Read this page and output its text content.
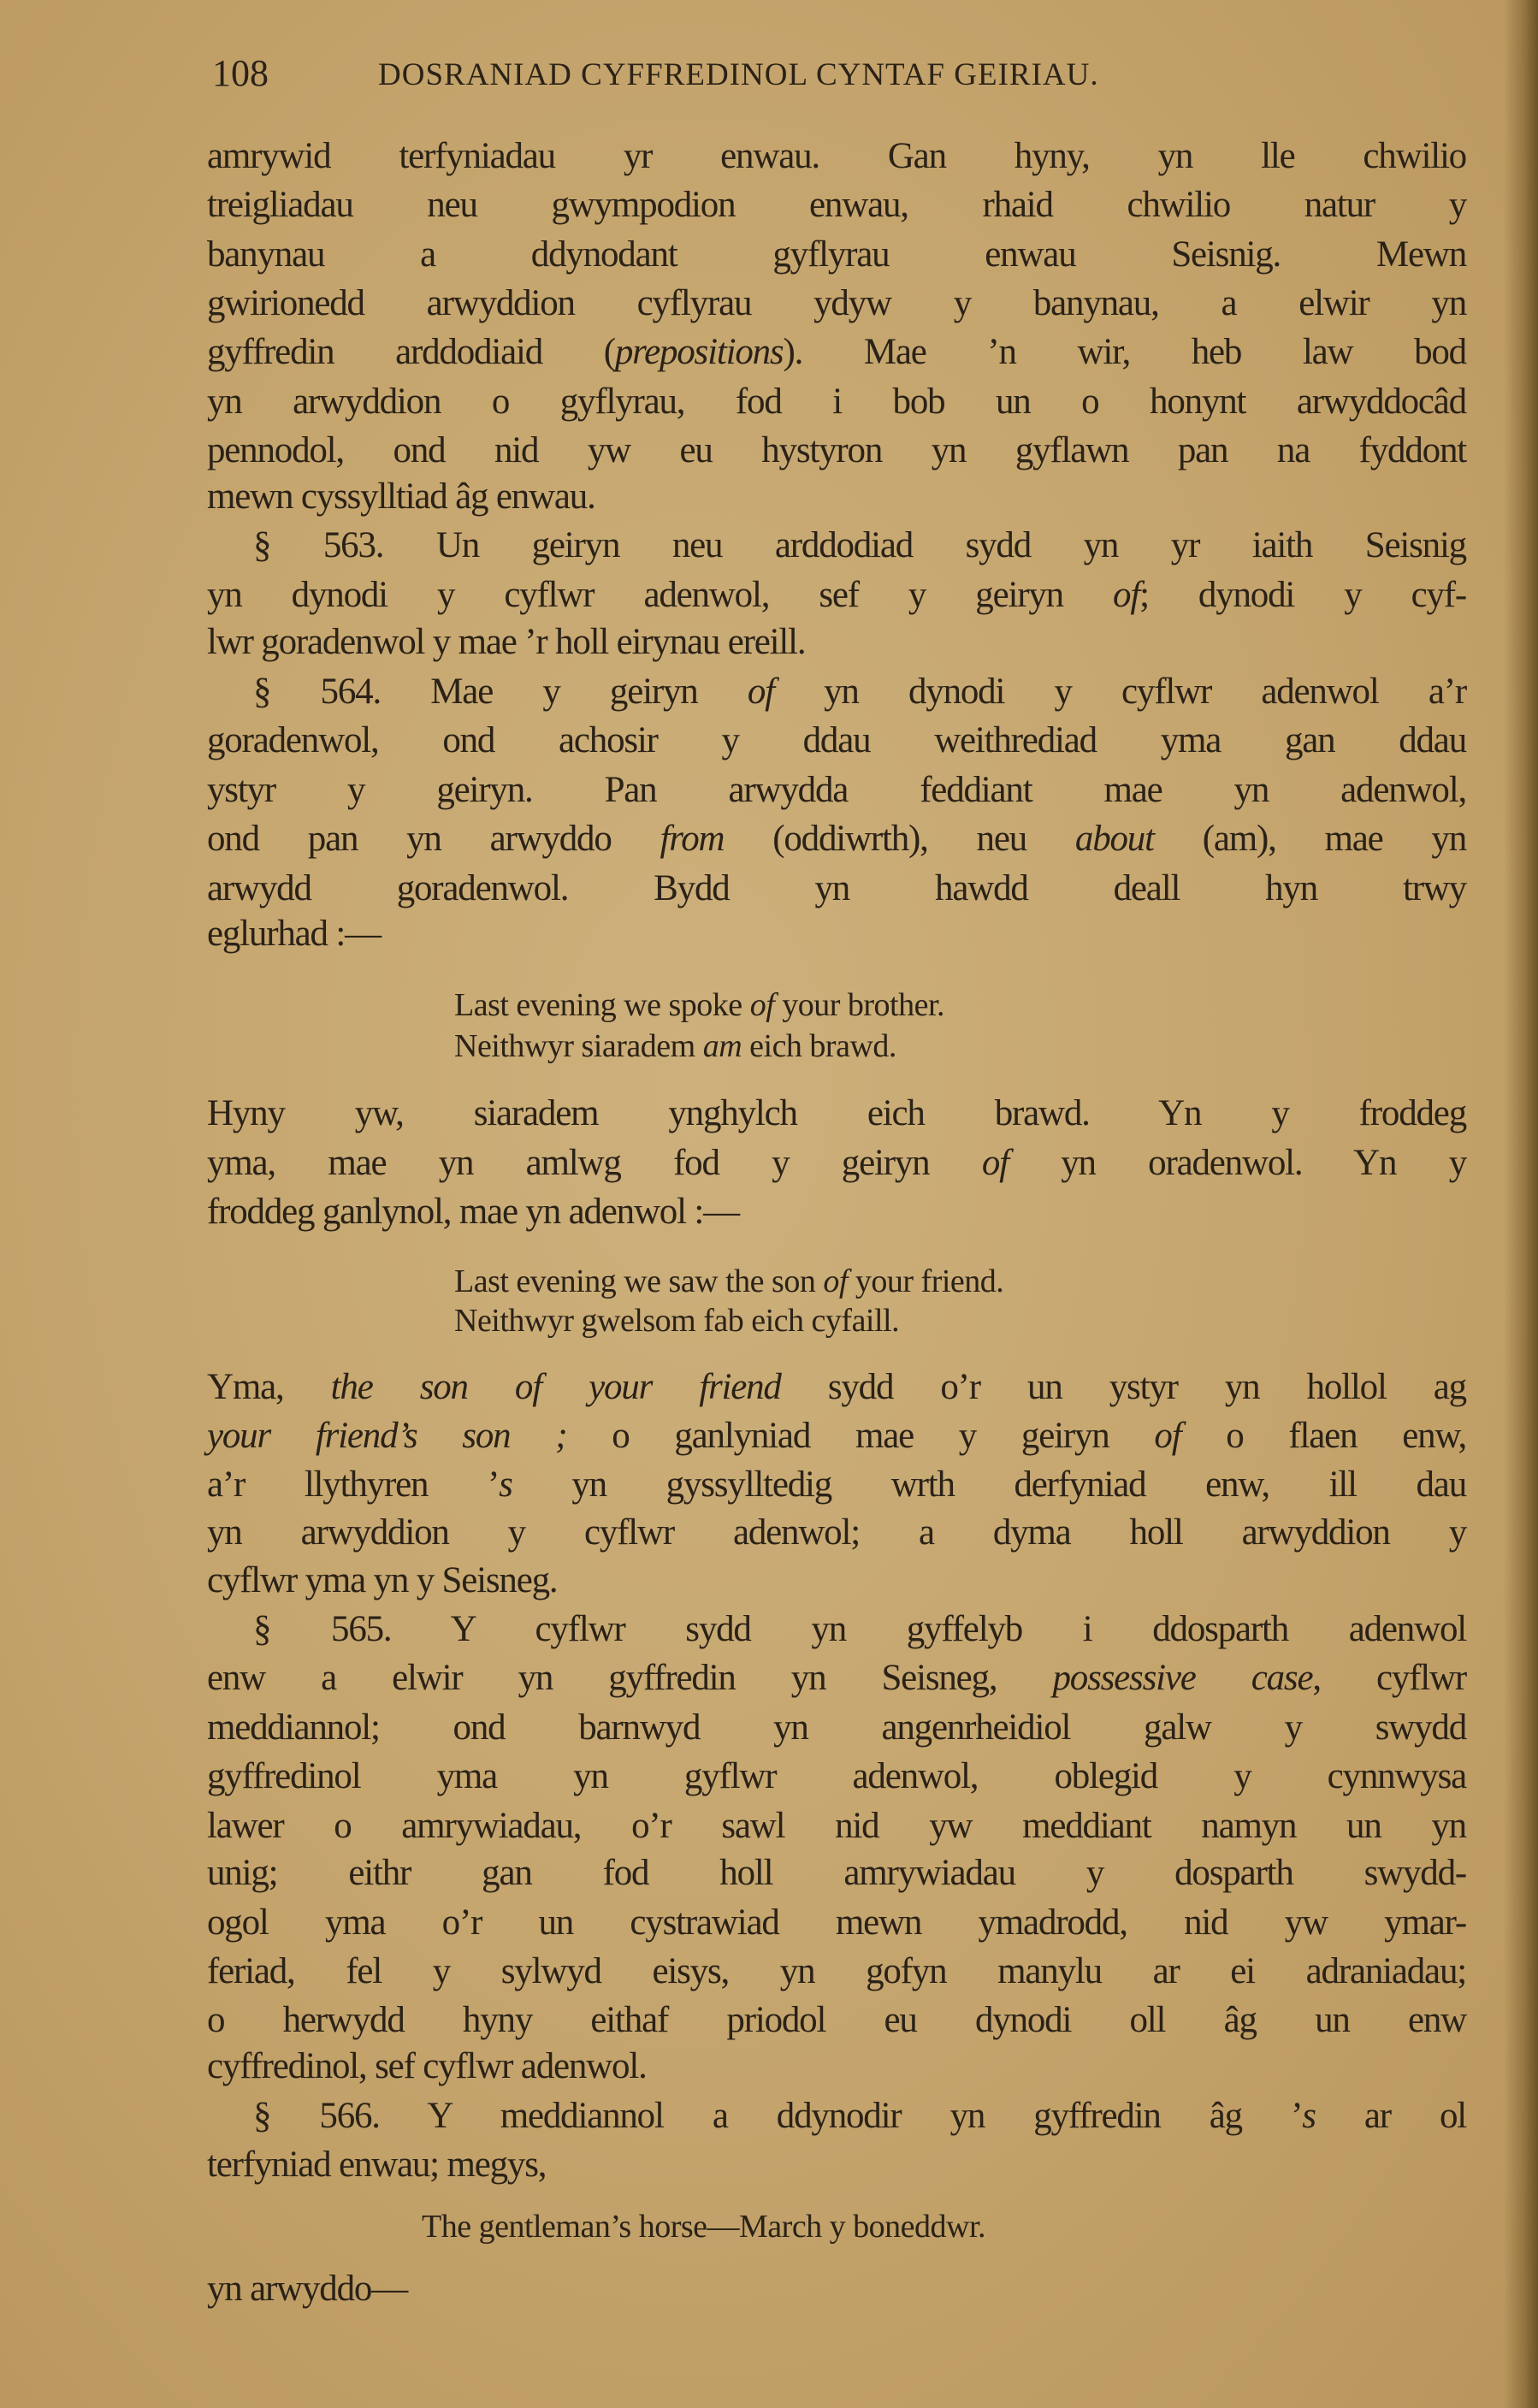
108	DOSRANIAD CYFFREDINOL CYNTAF GEIRIAU.
amrywid terfyniadau yr enwau. Gan hyny, yn lle chwilio
treigliadau neu gwympodion enwau, rhaid chwilio natur y
banynau a ddynodant gyflyrau enwau Seisnig. Mewn
gwirionedd arwyddion cyflyrau ydyw y banynau, a elwir yn
gyffredin arddodiaid (prepositions). Mae ’n wir, heb law bod
yn arwyddion o gyflyrau, fod i bob un o honynt arwyddocâd
pennodol, ond nid yw eu hystyron yn gyflawn pan na fyddont
mewn cyssylltiad âg enwau.
§ 563. Un geiryn neu arddodiad sydd yn yr iaith Seisnig
yn dynodi y cyflwr adenwol, sef y geiryn of; dynodi y cyf-
lwr goradenwol y mae ’r holl eirynau ereill.
§ 564. Mae y geiryn of yn dynodi y cyflwr adenwol a’r
goradenwol, ond achosir y ddau weithrediad yma gan ddau
ystyr y geiryn. Pan arwydda feddiant mae yn adenwol,
ond pan yn arwyddo from (oddiwrth), neu about (am), mae yn
arwydd goradenwol. Bydd yn hawdd deall hyn trwy
eglurhad :—
Last evening we spoke of your brother.
Neithwyr siaradem am eich brawd.
Hyny yw, siaradem ynghylch eich brawd. Yn y froddeg
yma, mae yn amlwg fod y geiryn of yn oradenwol. Yn y
froddeg ganlynol, mae yn adenwol :—
Last evening we saw the son of your friend.
Neithwyr gwelsom fab eich cyfaill.
Yma, the son of your friend sydd o’r un ystyr yn hollol ag
your friend’s son ; o ganlyniad mae y geiryn of o flaen enw,
a’r llythyren ’s yn gyssylltedig wrth derfyniad enw, ill dau
yn arwyddion y cyflwr adenwol; a dyma holl arwyddion y
cyflwr yma yn y Seisneg.
§ 565. Y cyflwr sydd yn gyffelyb i ddosparth adenwol
enw a elwir yn gyffredin yn Seisneg, possessive case, cyflwr
meddiannol; ond barnwyd yn angenrheidiol galw y swydd
gyffredinol yma yn gyflwr adenwol, oblegid y cynnwysa
lawer o amrywiadau, o’r sawl nid yw meddiant namyn un yn
unig; eithr gan fod holl amrywiadau y dosparth swydd-
ogol yma o’r un cystrawiad mewn ymadrodd, nid yw ymar-
feriad, fel y sylwyd eisys, yn gofyn manylu ar ei adraniadau;
o herwydd hyny eithaf priodol eu dynodi oll âg un enw
cyffredinol, sef cyflwr adenwol.
§ 566. Y meddiannol a ddynodir yn gyffredin âg ’s ar ol
terfyniad enwau; megys,
The gentleman’s horse—March y boneddwr.
yn arwyddo—
